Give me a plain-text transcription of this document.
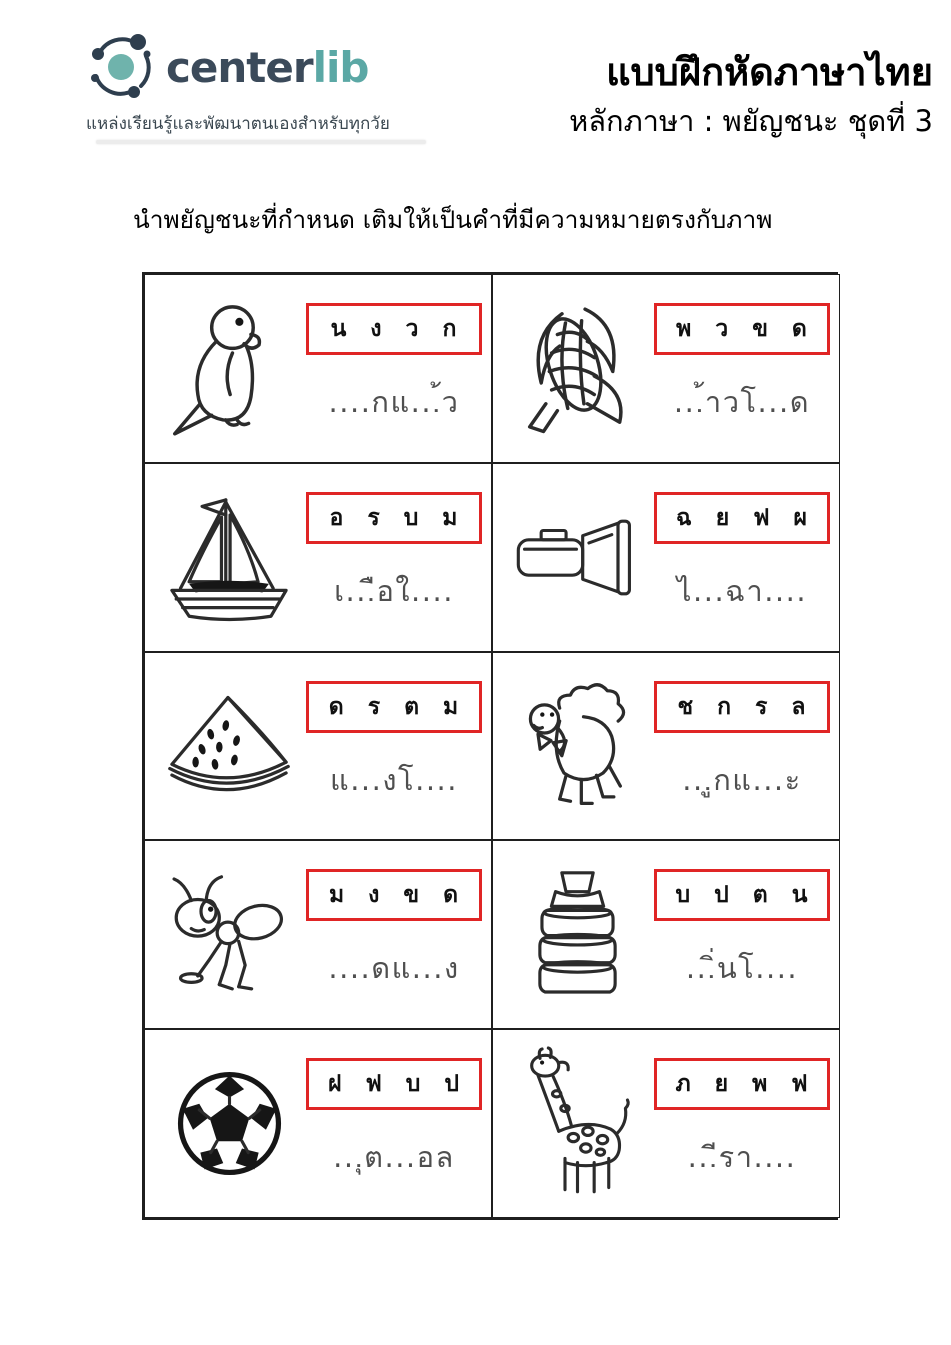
centerlib
แหล่งเรียนรู้และพัฒนาตนเองสำหรับทุกวัย
แบบฝึกหัดภาษาไทย
หลักภาษา : พยัญชนะ ชุดที่ 3
นำพยัญชนะที่กำหนด เติมให้เป็นคำที่มีความหมายตรงกับภาพ
น ง ว ก
....กแ...้ว
พ ว ข ด
...้าวโ...ด
อ ร บ ม
เ...ือใ....
ฉ ย ฟ ผ
ไ...ฉา....
ด ร ต ม
แ...งโ....
ช ก ร ล
...ูกแ...ะ
ม ง ข ด
....ดแ...ง
บ ป ต น
...ิ่นโ....
ฝ ฟ บ ป
...ุต...อล
ภ ย พ ฟ
...ีรา....
